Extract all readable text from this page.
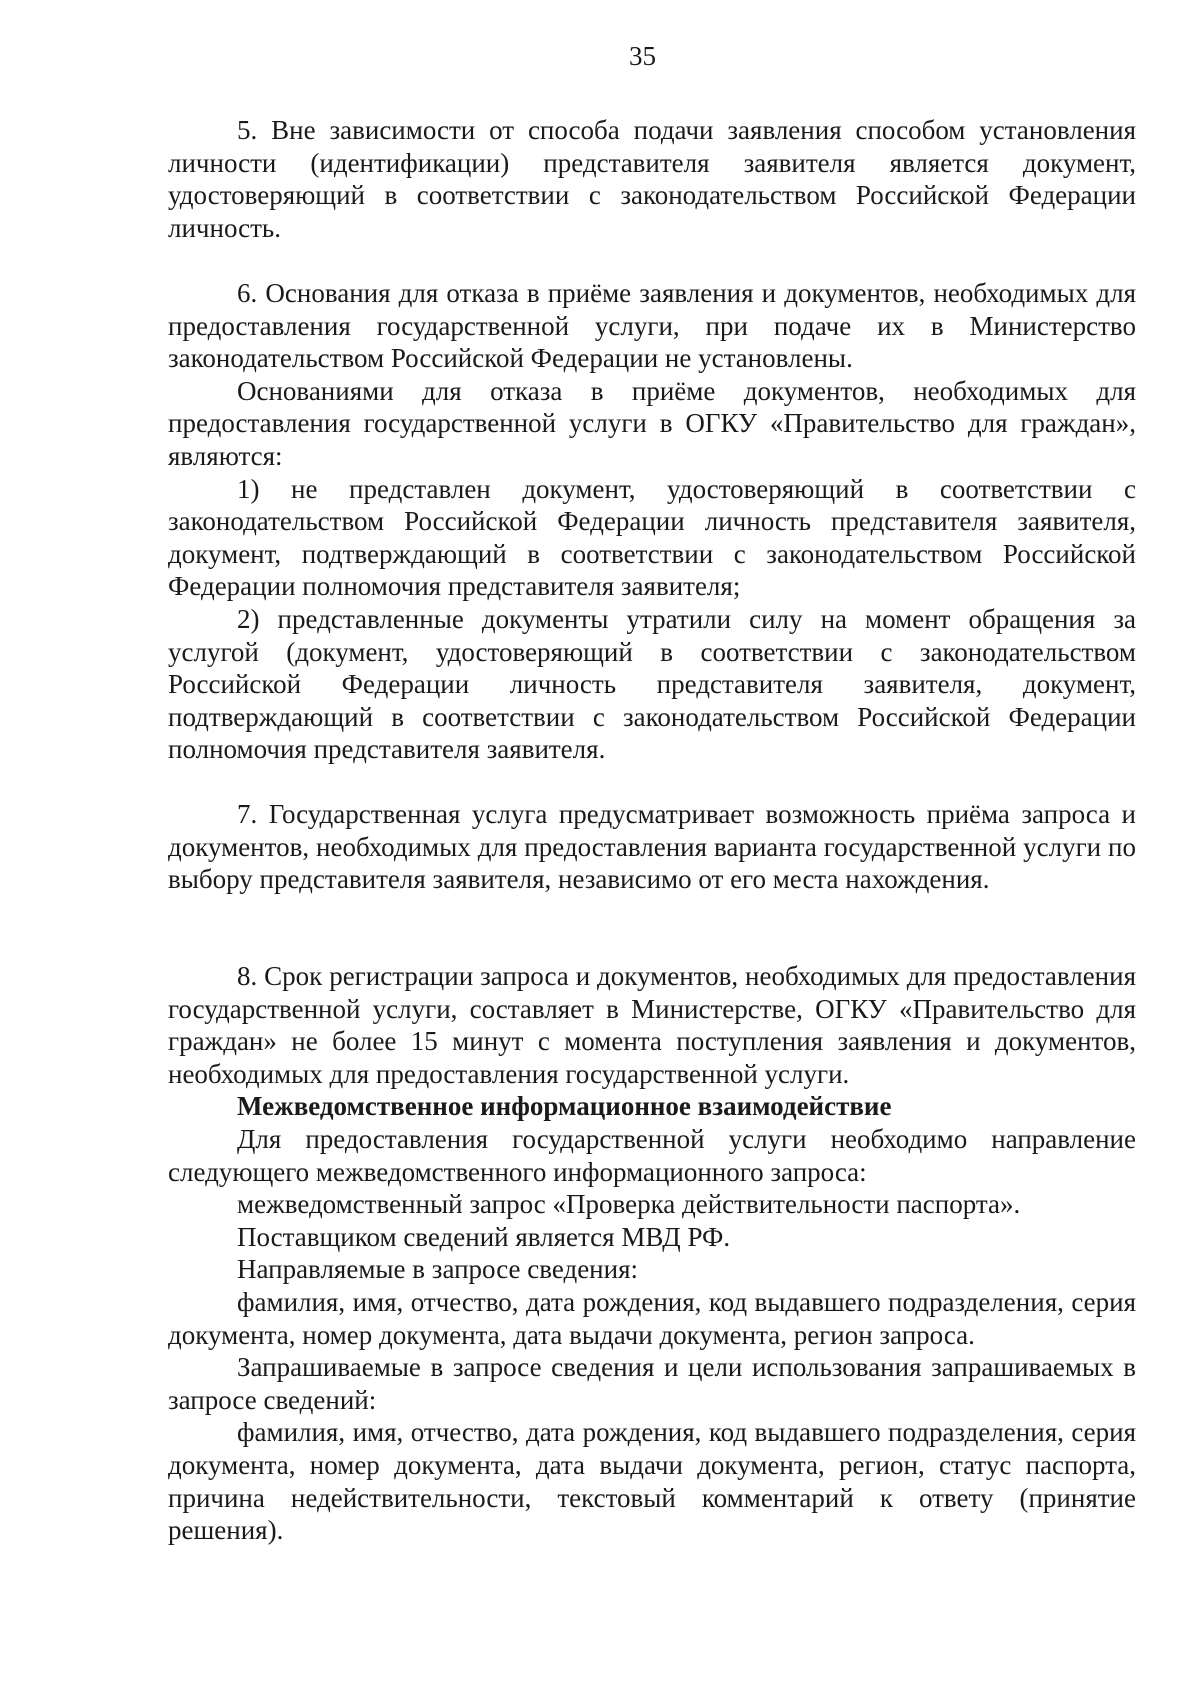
35

5. Вне зависимости от способа подачи заявления способом установления личности (идентификации) представителя заявителя является документ, удостоверяющий в соответствии с законодательством Российской Федерации личность.

6. Основания для отказа в приёме заявления и документов, необходимых для предоставления государственной услуги, при подаче их в Министерство законодательством Российской Федерации не установлены.

Основаниями для отказа в приёме документов, необходимых для предоставления государственной услуги в ОГКУ «Правительство для граждан», являются:

1) не представлен документ, удостоверяющий в соответствии с законодательством Российской Федерации личность представителя заявителя, документ, подтверждающий в соответствии с законодательством Российской Федерации полномочия представителя заявителя;

2) представленные документы утратили силу на момент обращения за услугой (документ, удостоверяющий в соответствии с законодательством Российской Федерации личность представителя заявителя, документ, подтверждающий в соответствии с законодательством Российской Федерации полномочия представителя заявителя.

7. Государственная услуга предусматривает возможность приёма запроса и документов, необходимых для предоставления варианта государственной услуги по выбору представителя заявителя, независимо от его места нахождения.

8. Срок регистрации запроса и документов, необходимых для предоставления государственной услуги, составляет в Министерстве, ОГКУ «Правительство для граждан» не более 15 минут с момента поступления заявления и документов, необходимых для предоставления государственной услуги.

Межведомственное информационное взаимодействие

Для предоставления государственной услуги необходимо направление следующего межведомственного информационного запроса:

межведомственный запрос «Проверка действительности паспорта».

Поставщиком сведений является МВД РФ.

Направляемые в запросе сведения:

фамилия, имя, отчество, дата рождения, код выдавшего подразделения, серия документа, номер документа, дата выдачи документа, регион запроса.

Запрашиваемые в запросе сведения и цели использования запрашиваемых в запросе сведений:

фамилия, имя, отчество, дата рождения, код выдавшего подразделения, серия документа, номер документа, дата выдачи документа, регион, статус паспорта, причина недействительности, текстовый комментарий к ответу (принятие решения).
